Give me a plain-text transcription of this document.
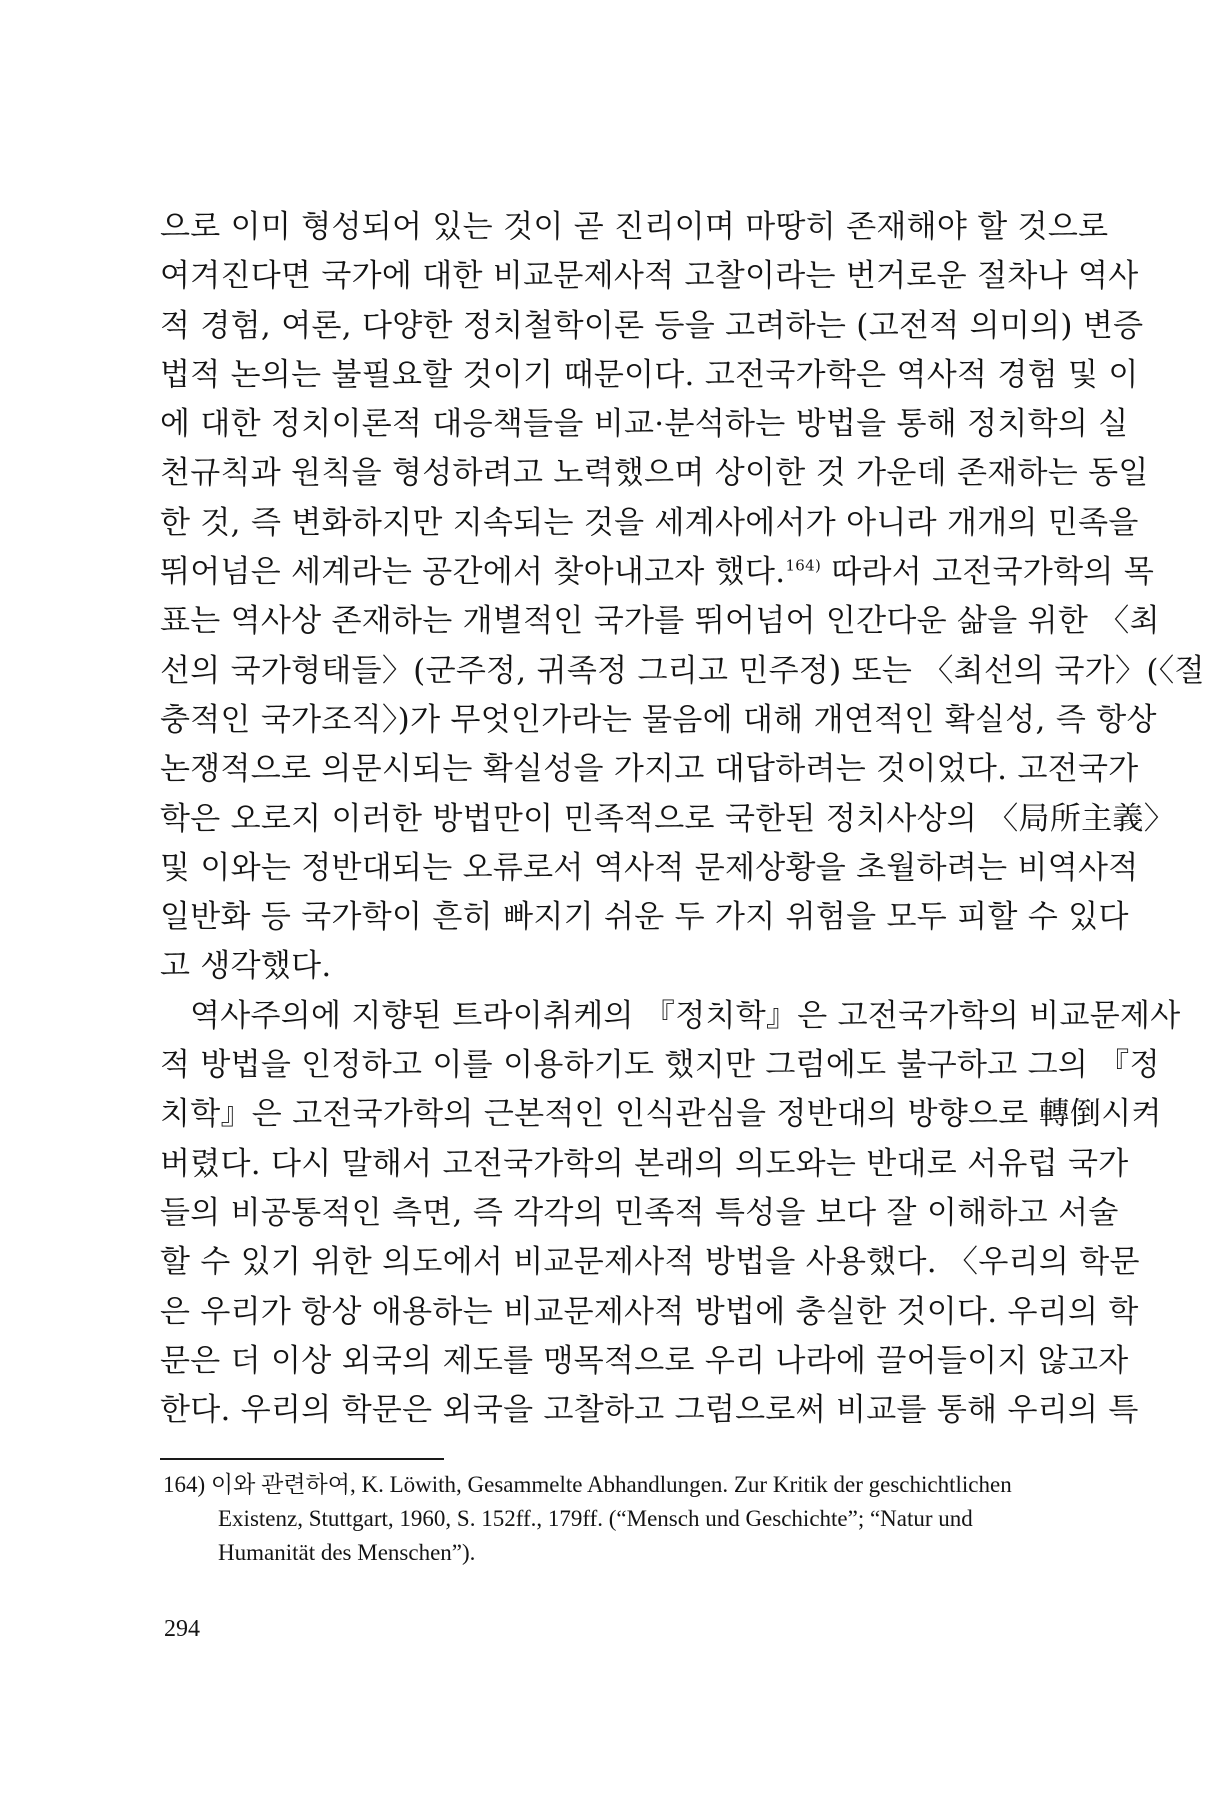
으로 이미 형성되어 있는 것이 곧 진리이며 마땅히 존재해야 할 것으로
여겨진다면 국가에 대한 비교문제사적 고찰이라는 번거로운 절차나 역사
적 경험, 여론, 다양한 정치철학이론 등을 고려하는 (고전적 의미의) 변증
법적 논의는 불필요할 것이기 때문이다. 고전국가학은 역사적 경험 및 이
에 대한 정치이론적 대응책들을 비교·분석하는 방법을 통해 정치학의 실
천규칙과 원칙을 형성하려고 노력했으며 상이한 것 가운데 존재하는 동일
한 것, 즉 변화하지만 지속되는 것을 세계사에서가 아니라 개개의 민족을
뛰어넘은 세계라는 공간에서 찾아내고자 했다.$^{164)}$ 따라서 고전국가학의 목
표는 역사상 존재하는 개별적인 국가를 뛰어넘어 인간다운 삶을 위한 〈최
선의 국가형태들〉(군주정, 귀족정 그리고 민주정) 또는 〈최선의 국가〉(〈절
충적인 국가조직〉)가 무엇인가라는 물음에 대해 개연적인 확실성, 즉 항상
논쟁적으로 의문시되는 확실성을 가지고 대답하려는 것이었다. 고전국가
학은 오로지 이러한 방법만이 민족적으로 국한된 정치사상의 〈局所主義〉
및 이와는 정반대되는 오류로서 역사적 문제상황을 초월하려는 비역사적
일반화 등 국가학이 흔히 빠지기 쉬운 두 가지 위험을 모두 피할 수 있다
고 생각했다.
역사주의에 지향된 트라이취케의 『정치학』은 고전국가학의 비교문제사
적 방법을 인정하고 이를 이용하기도 했지만 그럼에도 불구하고 그의 『정
치학』은 고전국가학의 근본적인 인식관심을 정반대의 방향으로 轉倒시켜
버렸다. 다시 말해서 고전국가학의 본래의 의도와는 반대로 서유럽 국가
들의 비공통적인 측면, 즉 각각의 민족적 특성을 보다 잘 이해하고 서술
할 수 있기 위한 의도에서 비교문제사적 방법을 사용했다. 〈우리의 학문
은 우리가 항상 애용하는 비교문제사적 방법에 충실한 것이다. 우리의 학
문은 더 이상 외국의 제도를 맹목적으로 우리 나라에 끌어들이지 않고자
한다. 우리의 학문은 외국을 고찰하고 그럼으로써 비교를 통해 우리의 특
164) 이와 관련하여, K. Löwith, Gesammelte Abhandlungen. Zur Kritik der geschichtlichen
Existenz, Stuttgart, 1960, S. 152ff., 179ff. (“Mensch und Geschichte”; “Natur und
Humanität des Menschen”).
294
